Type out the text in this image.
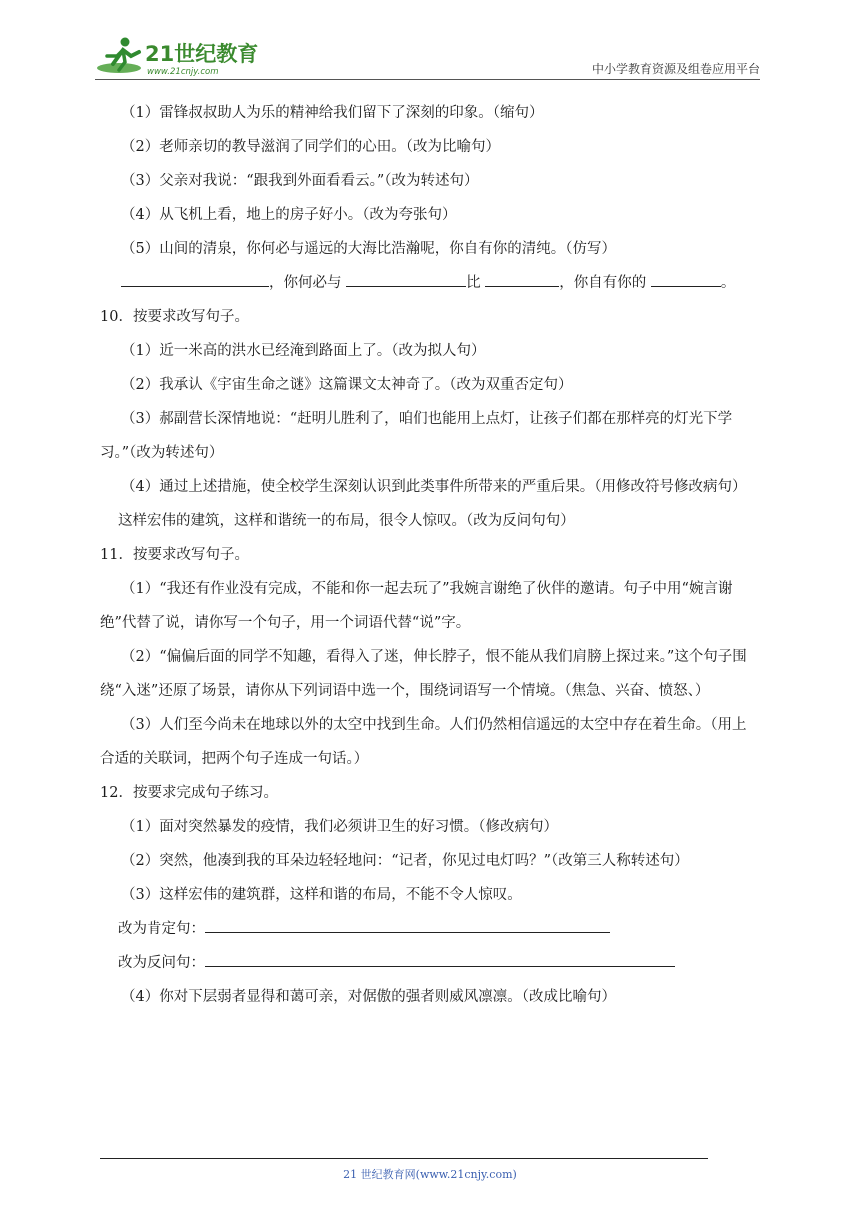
21世纪教育
www.21cnjy.com	中小学教育资源及组卷应用平台
（1）雷锋叔叔助人为乐的精神给我们留下了深刻的印象。（缩句）
（2）老师亲切的教导滋润了同学们的心田。（改为比喻句）
（3）父亲对我说：“跟我到外面看看云。”（改为转述句）
（4）从飞机上看，地上的房子好小。（改为夸张句）
（5）山间的清泉，你何必与遥远的大海比浩瀚呢，你自有你的清纯。（仿写）
，你何必与	比	，你自有你的	。
10．按要求改写句子。
（1）近一米高的洪水已经淹到路面上了。（改为拟人句）
（2）我承认《宇宙生命之谜》这篇课文太神奇了。（改为双重否定句）
（3）郝副营长深情地说：“赶明儿胜利了，咱们也能用上点灯，让孩子们都在那样亮的灯光下学习。”（改为转述句）
（4）通过上述措施，使全校学生深刻认识到此类事件所带来的严重后果。（用修改符号修改病句）
这样宏伟的建筑，这样和谐统一的布局，很令人惊叹。（改为反问句句）
11．按要求改写句子。
（1）“我还有作业没有完成，不能和你一起去玩了”我婉言谢绝了伙伴的邀请。句子中用“婉言谢绝”代替了说，请你写一个句子，用一个词语代替“说”字。
（2）“偏偏后面的同学不知趣，看得入了迷，伸长脖子，恨不能从我们肩膀上探过来。”这个句子围绕“入迷”还原了场景，请你从下列词语中选一个，围绕词语写一个情境。（焦急、兴奋、愤怒、）
（3）人们至今尚未在地球以外的太空中找到生命。人们仍然相信遥远的太空中存在着生命。（用上合适的关联词，把两个句子连成一句话。）
12．按要求完成句子练习。
（1）面对突然暴发的疫情，我们必须讲卫生的好习惯。（修改病句）
（2）突然，他凑到我的耳朵边轻轻地问：“记者，你见过电灯吗？”（改第三人称转述句）
（3）这样宏伟的建筑群，这样和谐的布局，不能不令人惊叹。
改为肯定句：
改为反问句：
（4）你对下层弱者显得和蔼可亲，对倨傲的强者则威风凛凛。（改成比喻句）
21 世纪教育网(www.21cnjy.com)
